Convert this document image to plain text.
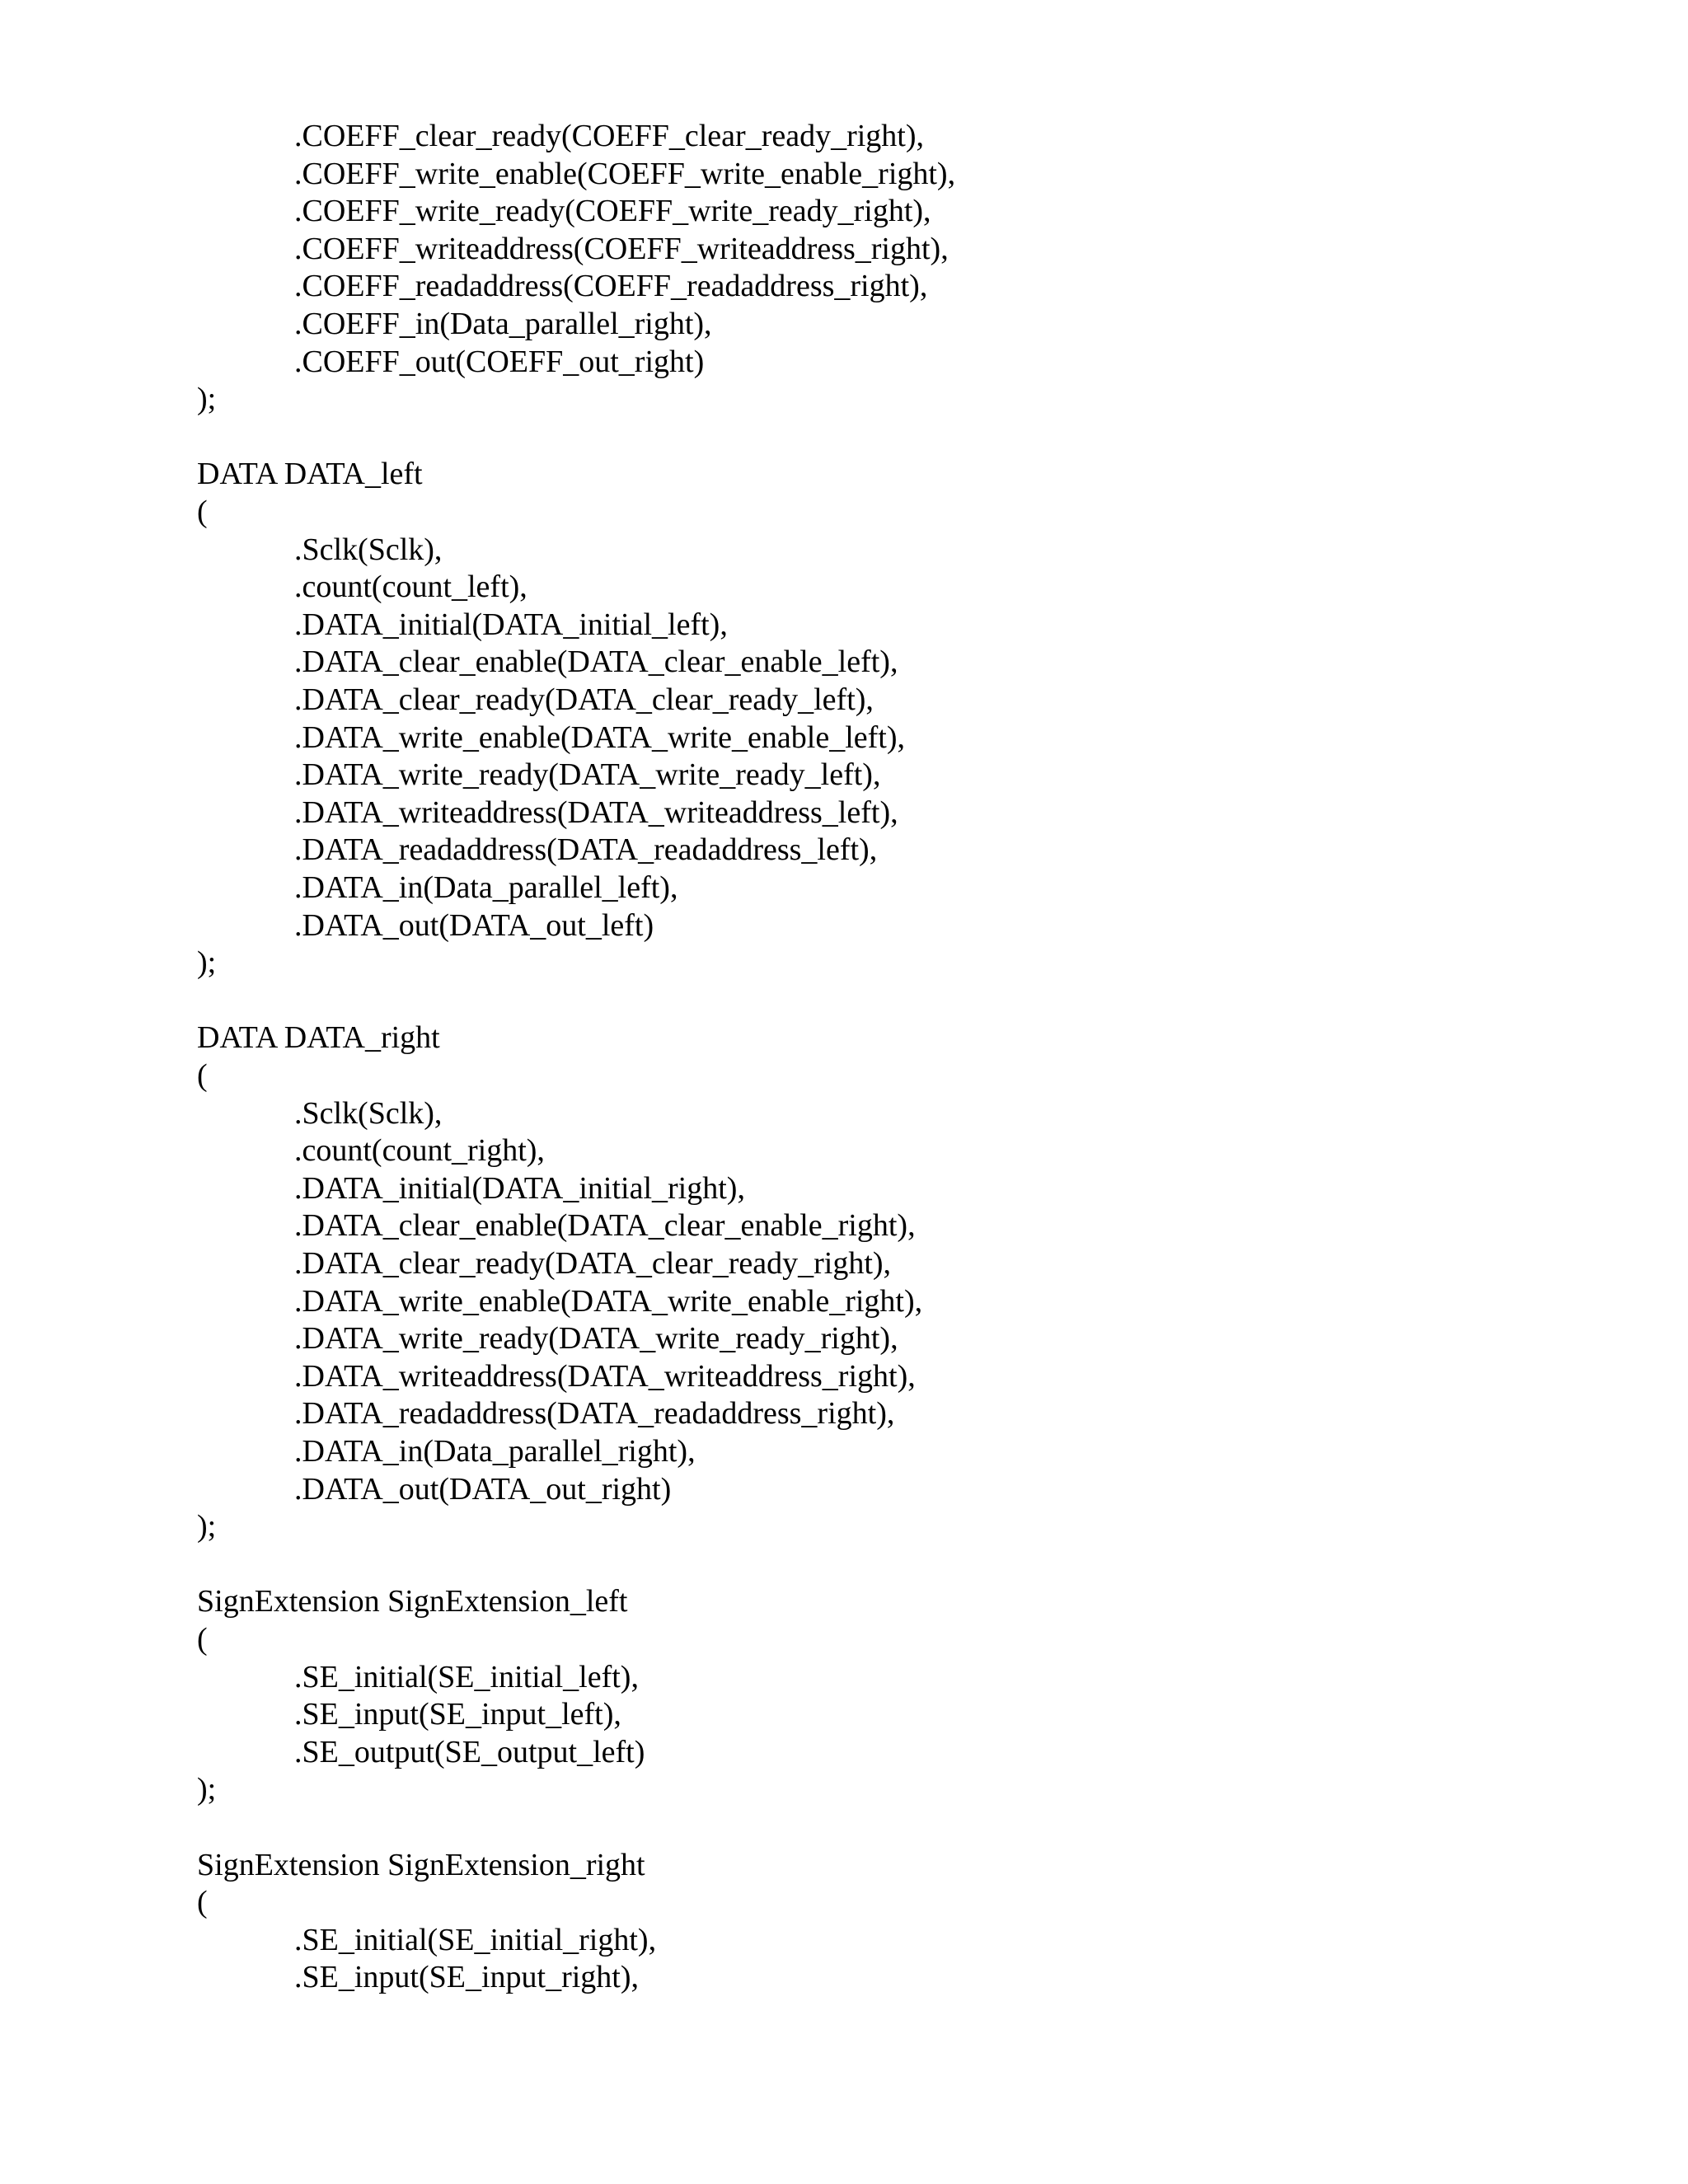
.COEFF_clear_ready(COEFF_clear_ready_right),
.COEFF_write_enable(COEFF_write_enable_right),
.COEFF_write_ready(COEFF_write_ready_right),
.COEFF_writeaddress(COEFF_writeaddress_right),
.COEFF_readaddress(COEFF_readaddress_right),
.COEFF_in(Data_parallel_right),
.COEFF_out(COEFF_out_right)
);
DATA DATA_left
(
.Sclk(Sclk),
.count(count_left),
.DATA_initial(DATA_initial_left),
.DATA_clear_enable(DATA_clear_enable_left),
.DATA_clear_ready(DATA_clear_ready_left),
.DATA_write_enable(DATA_write_enable_left),
.DATA_write_ready(DATA_write_ready_left),
.DATA_writeaddress(DATA_writeaddress_left),
.DATA_readaddress(DATA_readaddress_left),
.DATA_in(Data_parallel_left),
.DATA_out(DATA_out_left)
);
DATA DATA_right
(
.Sclk(Sclk),
.count(count_right),
.DATA_initial(DATA_initial_right),
.DATA_clear_enable(DATA_clear_enable_right),
.DATA_clear_ready(DATA_clear_ready_right),
.DATA_write_enable(DATA_write_enable_right),
.DATA_write_ready(DATA_write_ready_right),
.DATA_writeaddress(DATA_writeaddress_right),
.DATA_readaddress(DATA_readaddress_right),
.DATA_in(Data_parallel_right),
.DATA_out(DATA_out_right)
);
SignExtension SignExtension_left
(
.SE_initial(SE_initial_left),
.SE_input(SE_input_left),
.SE_output(SE_output_left)
);
SignExtension SignExtension_right
(
.SE_initial(SE_initial_right),
.SE_input(SE_input_right),
